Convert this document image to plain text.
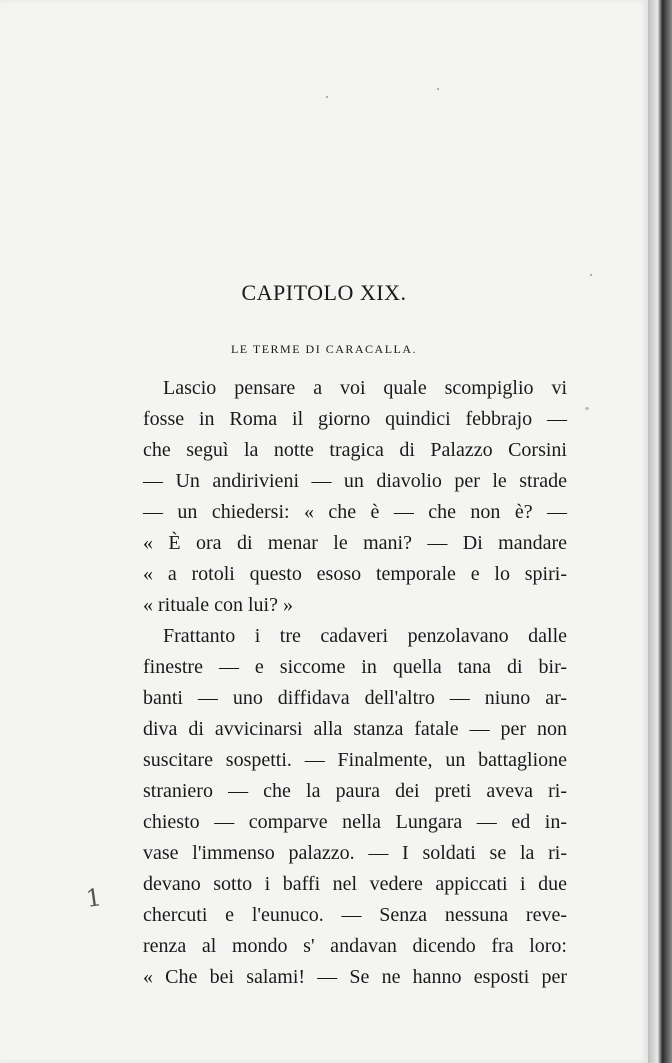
CAPITOLO XIX.
LE TERME DI CARACALLA.
Lascio pensare a voi quale scompiglio vi
fosse in Roma il giorno quindici febbrajo —
che seguì la notte tragica di Palazzo Corsini
— Un andirivieni — un diavolio per le strade
— un chiedersi: « che è — che non è? —
« È ora di menar le mani? — Di mandare
« a rotoli questo esoso temporale e lo spiri-
« rituale con lui? »
Frattanto i tre cadaveri penzolavano dalle
finestre — e siccome in quella tana di bir-
banti — uno diffidava dell'altro — niuno ar-
diva di avvicinarsi alla stanza fatale — per non
suscitare sospetti. — Finalmente, un battaglione
straniero — che la paura dei preti aveva ri-
chiesto — comparve nella Lungara — ed in-
vase l'immenso palazzo. — I soldati se la ri-
devano sotto i baffi nel vedere appiccati i due
chercuti e l'eunuco. — Senza nessuna reve-
renza al mondo s' andavan dicendo fra loro:
« Che bei salami! — Se ne hanno esposti per
1
